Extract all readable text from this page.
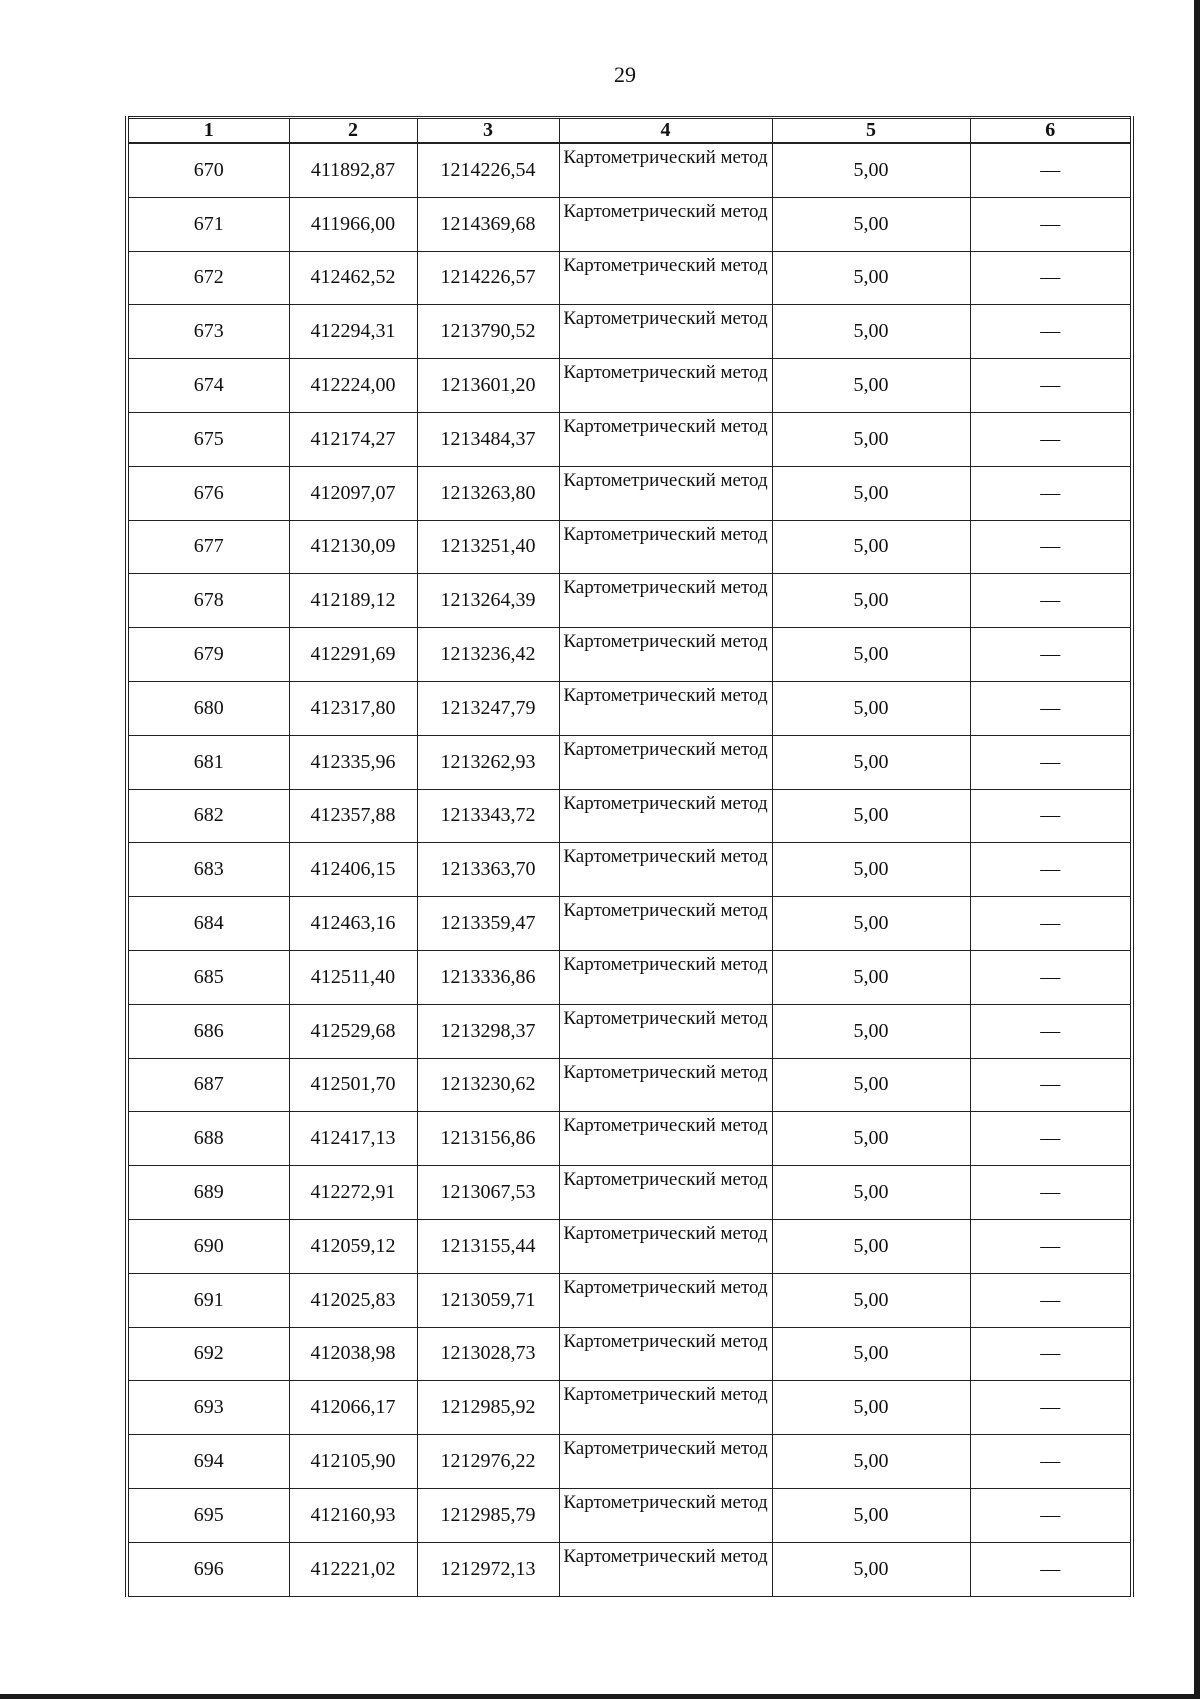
29
1	2	3	4	5	6
670	411892,87	1214226,54	Картометрический метод	5,00	—
671	411966,00	1214369,68	Картометрический метод	5,00	—
672	412462,52	1214226,57	Картометрический метод	5,00	—
673	412294,31	1213790,52	Картометрический метод	5,00	—
674	412224,00	1213601,20	Картометрический метод	5,00	—
675	412174,27	1213484,37	Картометрический метод	5,00	—
676	412097,07	1213263,80	Картометрический метод	5,00	—
677	412130,09	1213251,40	Картометрический метод	5,00	—
678	412189,12	1213264,39	Картометрический метод	5,00	—
679	412291,69	1213236,42	Картометрический метод	5,00	—
680	412317,80	1213247,79	Картометрический метод	5,00	—
681	412335,96	1213262,93	Картометрический метод	5,00	—
682	412357,88	1213343,72	Картометрический метод	5,00	—
683	412406,15	1213363,70	Картометрический метод	5,00	—
684	412463,16	1213359,47	Картометрический метод	5,00	—
685	412511,40	1213336,86	Картометрический метод	5,00	—
686	412529,68	1213298,37	Картометрический метод	5,00	—
687	412501,70	1213230,62	Картометрический метод	5,00	—
688	412417,13	1213156,86	Картометрический метод	5,00	—
689	412272,91	1213067,53	Картометрический метод	5,00	—
690	412059,12	1213155,44	Картометрический метод	5,00	—
691	412025,83	1213059,71	Картометрический метод	5,00	—
692	412038,98	1213028,73	Картометрический метод	5,00	—
693	412066,17	1212985,92	Картометрический метод	5,00	—
694	412105,90	1212976,22	Картометрический метод	5,00	—
695	412160,93	1212985,79	Картометрический метод	5,00	—
696	412221,02	1212972,13	Картометрический метод	5,00	—
